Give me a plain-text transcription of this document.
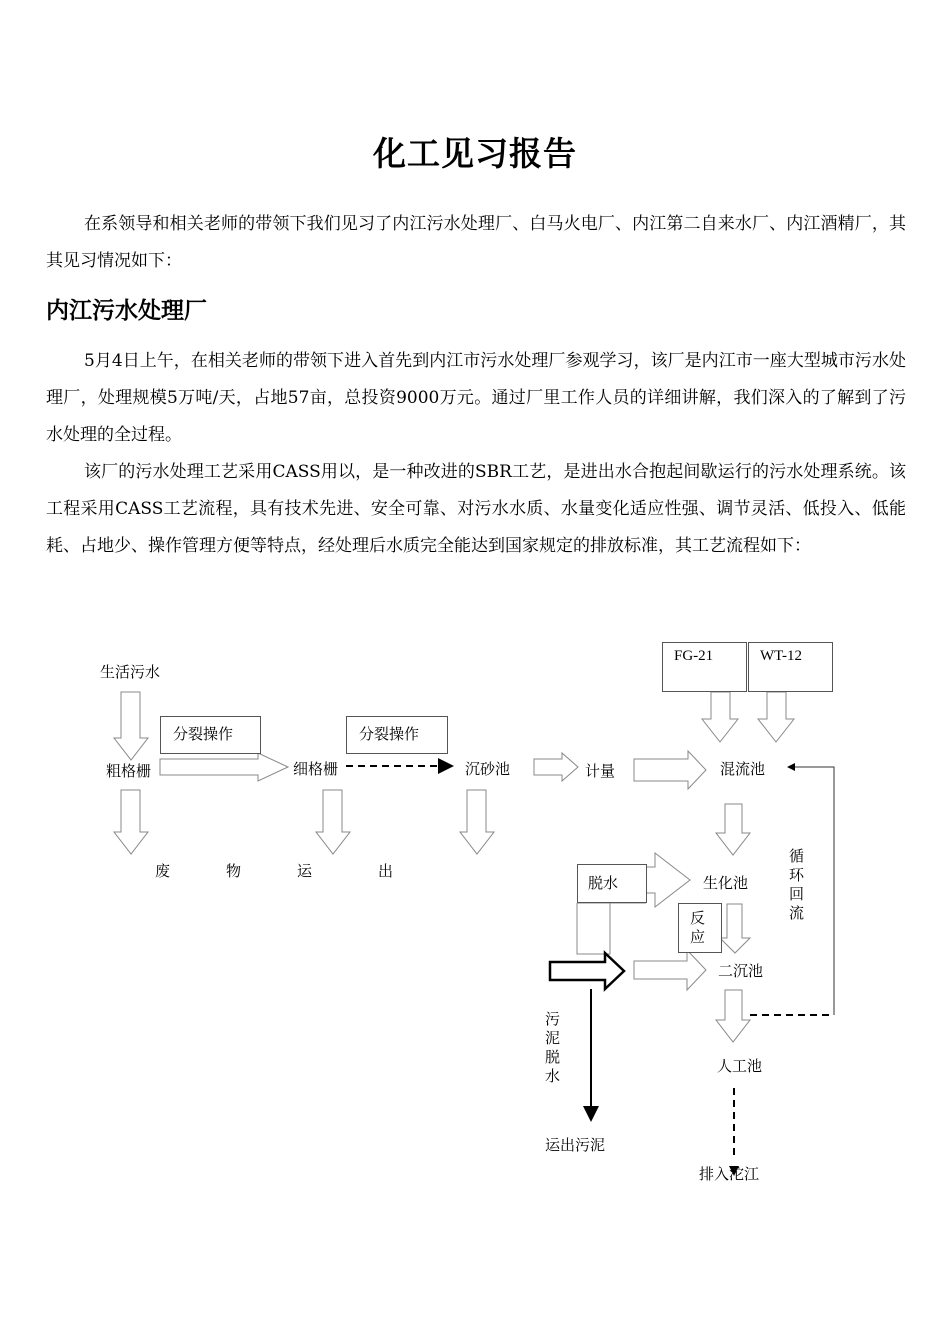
化工见习报告

在系领导和相关老师的带领下我们见习了内江污水处理厂、白马火电厂、内江第二自来水厂、内江酒精厂，其其见习情况如下：

内江污水处理厂

5月4日上午，在相关老师的带领下进入首先到内江市污水处理厂参观学习，该厂是内江市一座大型城市污水处理厂，处理规模5万吨/天，占地57亩，总投资9000万元。通过厂里工作人员的详细讲解，我们深入的了解到了污水处理的全过程。

该厂的污水处理工艺采用CASS用以，是一种改进的SBR工艺，是进出水合抱起间歇运行的污水处理系统。该工程采用CASS工艺流程，具有技术先进、安全可靠、对污水水质、水量变化适应性强、调节灵活、低投入、低能耗、占地少、操作管理方便等特点，经处理后水质完全能达到国家规定的排放标准，其工艺流程如下：

分裂操作	分裂操作
FG-21	WT-12
脱水
反应
生活污水
粗格栅	细格栅	沉砂池	计量	混流池
废	物	运	出
生化池
循环回流
二沉池
污泥脱水
人工池
运出污泥
排入沱江
